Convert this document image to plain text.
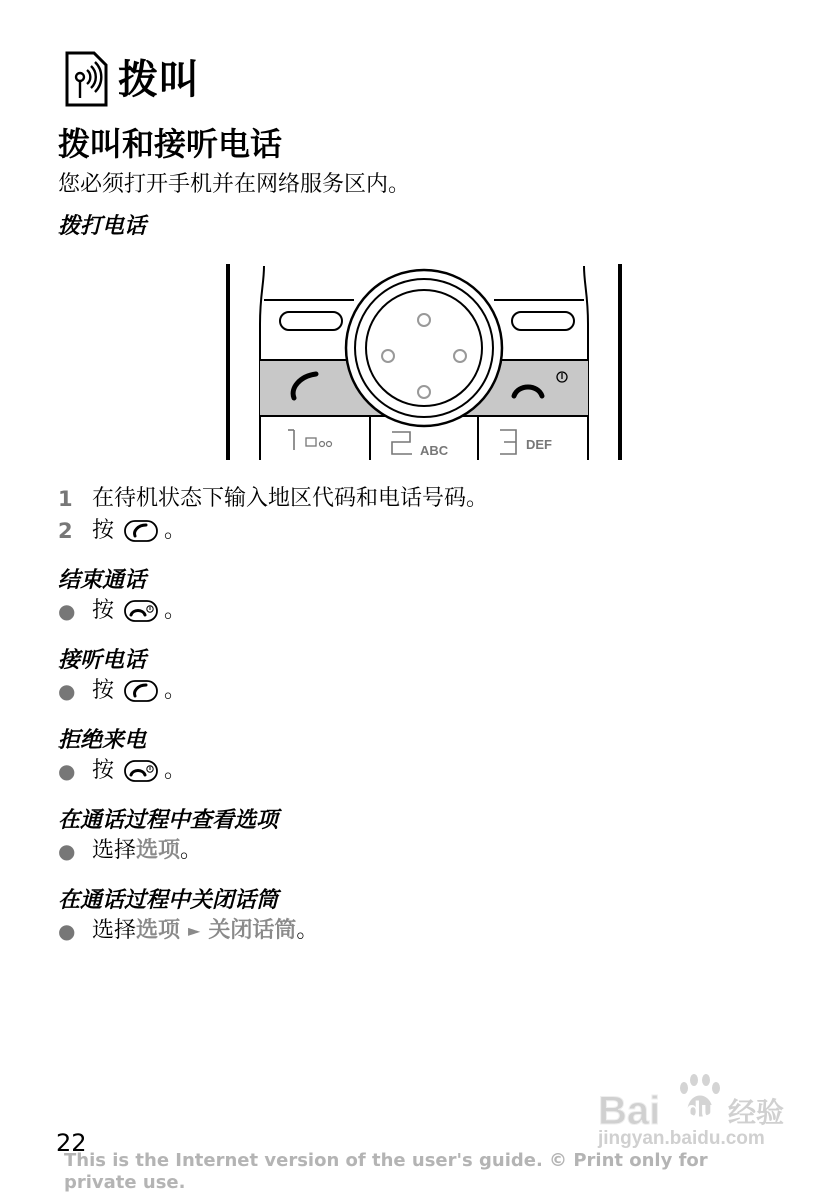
拨叫
拨叫和接听电话
您必须打开手机并在网络服务区内。
拨打电话
ABC	DEF
1 在待机状态下输入地区代码和电话号码。
2 按 。
结束通话
● 按 。
接听电话
● 按 。
拒绝来电
● 按 。
在通话过程中查看选项
● 选择 选项 。
在通话过程中关闭话筒
● 选择 选项 ► 关闭话筒 。
Bai du 经验
jingyan.baidu.com
22
This is the Internet version of the user's guide. © Print only for private use.
